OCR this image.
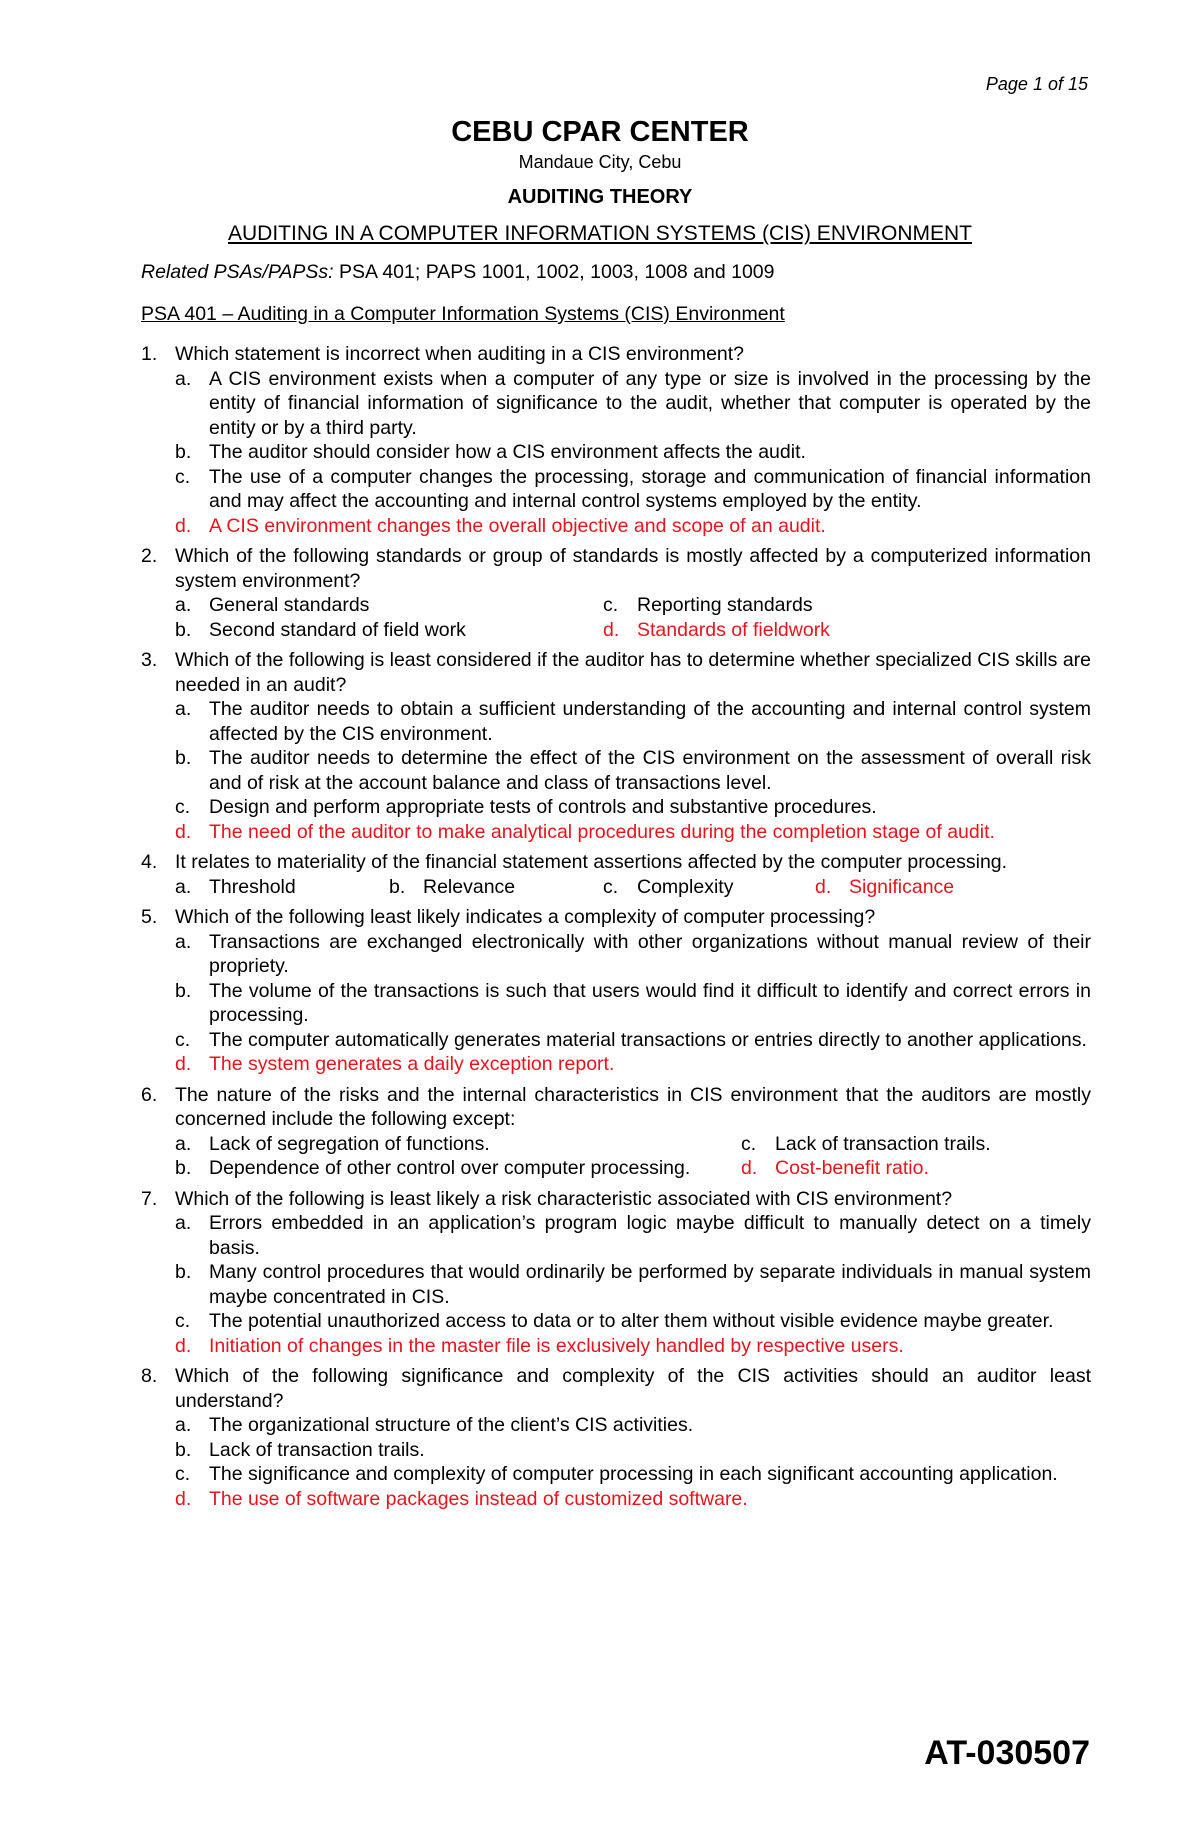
Page 1 of 15
CEBU CPAR CENTER
Mandaue City, Cebu
AUDITING THEORY
AUDITING IN A COMPUTER INFORMATION SYSTEMS (CIS) ENVIRONMENT
Related PSAs/PAPSs: PSA 401; PAPS 1001, 1002, 1003, 1008 and 1009
PSA 401 – Auditing in a Computer Information Systems (CIS) Environment
1. Which statement is incorrect when auditing in a CIS environment?
a. A CIS environment exists when a computer of any type or size is involved in the processing by the entity of financial information of significance to the audit, whether that computer is operated by the entity or by a third party.
b. The auditor should consider how a CIS environment affects the audit.
c. The use of a computer changes the processing, storage and communication of financial information and may affect the accounting and internal control systems employed by the entity.
d. A CIS environment changes the overall objective and scope of an audit.
2. Which of the following standards or group of standards is mostly affected by a computerized information system environment?
a. General standards	c. Reporting standards
b. Second standard of field work	d. Standards of fieldwork
3. Which of the following is least considered if the auditor has to determine whether specialized CIS skills are needed in an audit?
a. The auditor needs to obtain a sufficient understanding of the accounting and internal control system affected by the CIS environment.
b. The auditor needs to determine the effect of the CIS environment on the assessment of overall risk and of risk at the account balance and class of transactions level.
c. Design and perform appropriate tests of controls and substantive procedures.
d. The need of the auditor to make analytical procedures during the completion stage of audit.
4. It relates to materiality of the financial statement assertions affected by the computer processing.
a. Threshold	b. Relevance	c. Complexity	d. Significance
5. Which of the following least likely indicates a complexity of computer processing?
a. Transactions are exchanged electronically with other organizations without manual review of their propriety.
b. The volume of the transactions is such that users would find it difficult to identify and correct errors in processing.
c. The computer automatically generates material transactions or entries directly to another applications.
d. The system generates a daily exception report.
6. The nature of the risks and the internal characteristics in CIS environment that the auditors are mostly concerned include the following except:
a. Lack of segregation of functions.	c. Lack of transaction trails.
b. Dependence of other control over computer processing.	d. Cost-benefit ratio.
7. Which of the following is least likely a risk characteristic associated with CIS environment?
a. Errors embedded in an application’s program logic maybe difficult to manually detect on a timely basis.
b. Many control procedures that would ordinarily be performed by separate individuals in manual system maybe concentrated in CIS.
c. The potential unauthorized access to data or to alter them without visible evidence maybe greater.
d. Initiation of changes in the master file is exclusively handled by respective users.
8. Which of the following significance and complexity of the CIS activities should an auditor least understand?
a. The organizational structure of the client’s CIS activities.
b. Lack of transaction trails.
c. The significance and complexity of computer processing in each significant accounting application.
d. The use of software packages instead of customized software.
AT-030507
